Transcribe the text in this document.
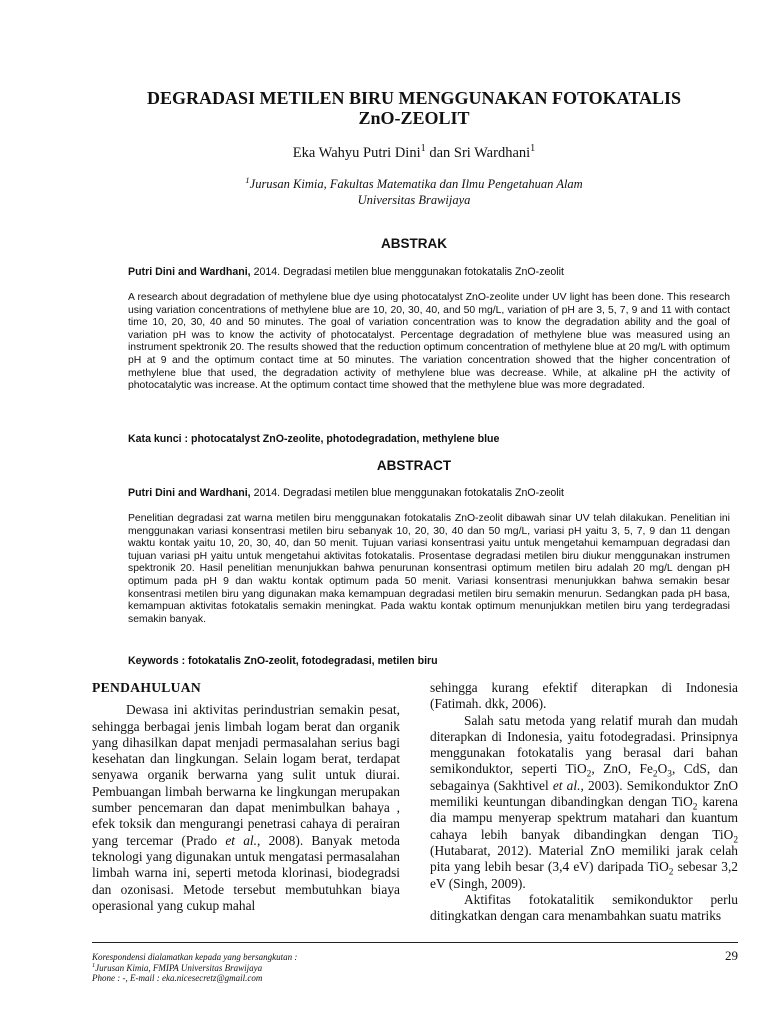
DEGRADASI METILEN BIRU MENGGUNAKAN FOTOKATALIS
ZnO-ZEOLIT
Eka Wahyu Putri Dini$^1$ dan Sri Wardhani$^1$
$^1$Jurusan Kimia, Fakultas Matematika dan Ilmu Pengetahuan Alam
Universitas Brawijaya
ABSTRAK
Putri Dini and Wardhani, 2014. Degradasi metilen blue menggunakan fotokatalis ZnO-zeolit
A research about degradation of methylene blue dye using photocatalyst ZnO-zeolite under UV light has been done. This research using variation concentrations of methylene blue are 10, 20, 30, 40, and 50 mg/L, variation of pH are 3, 5, 7, 9 and 11 with contact time 10, 20, 30, 40 and 50 minutes. The goal of variation concentration was to know the degradation ability and the goal of variation pH was to know the activity of photocatalyst. Percentage degradation of methylene blue was measured using an instrument spektronik 20. The results showed that the reduction optimum concentration of methylene blue at 20 mg/L with optimum pH at 9 and the optimum contact time at 50 minutes. The variation concentration showed that the higher concentration of methylene blue that used, the degradation activity of methylene blue was decrease. While, at alkaline pH the activity of photocatalytic was increase. At the optimum contact time showed that the methylene blue was more degradated.
Kata kunci : photocatalyst ZnO-zeolite, photodegradation, methylene blue
ABSTRACT
Putri Dini and Wardhani, 2014. Degradasi metilen blue menggunakan fotokatalis ZnO-zeolit
Penelitian degradasi zat warna metilen biru menggunakan fotokatalis ZnO-zeolit dibawah sinar UV telah dilakukan. Penelitian ini menggunakan variasi konsentrasi metilen biru sebanyak 10, 20, 30, 40 dan 50 mg/L, variasi pH yaitu 3, 5, 7, 9 dan 11 dengan waktu kontak yaitu 10, 20, 30, 40, dan 50 menit. Tujuan variasi konsentrasi yaitu untuk mengetahui kemampuan degradasi dan tujuan variasi pH yaitu untuk mengetahui aktivitas fotokatalis. Prosentase degradasi metilen biru diukur menggunakan instrumen spektronik 20. Hasil penelitian menunjukkan bahwa penurunan konsentrasi optimum metilen biru adalah 20 mg/L dengan pH optimum pada pH 9 dan waktu kontak optimum pada 50 menit. Variasi konsentrasi menunjukkan bahwa semakin besar konsentrasi metilen biru yang digunakan maka kemampuan degradasi metilen biru semakin menurun. Sedangkan pada pH basa, kemampuan aktivitas fotokatalis semakin meningkat. Pada waktu kontak optimum menunjukkan metilen biru yang terdegradasi semakin banyak.
Keywords : fotokatalis ZnO-zeolit, fotodegradasi, metilen biru
PENDAHULUAN

Dewasa ini aktivitas perindustrian semakin pesat, sehingga berbagai jenis limbah logam berat dan organik yang dihasilkan dapat menjadi permasalahan serius bagi kesehatan dan lingkungan. Selain logam berat, terdapat senyawa organik berwarna yang sulit untuk diurai. Pembuangan limbah berwarna ke lingkungan merupakan sumber pencemaran dan dapat menimbulkan bahaya , efek toksik dan mengurangi penetrasi cahaya di perairan yang tercemar (Prado et al., 2008). Banyak metoda teknologi yang digunakan untuk mengatasi permasalahan limbah warna ini, seperti metoda klorinasi, biodegradsi dan ozonisasi. Metode tersebut membutuhkan biaya operasional yang cukup mahal

sehingga kurang efektif diterapkan di Indonesia (Fatimah. dkk, 2006).

Salah satu metoda yang relatif murah dan mudah diterapkan di Indonesia, yaitu fotodegradasi. Prinsipnya menggunakan fotokatalis yang berasal dari bahan semikonduktor, seperti TiO$_2$, ZnO, $Fe_2O_3$, CdS, dan sebagainya (Sakhtivel et al., 2003). Semikonduktor ZnO memiliki keuntungan dibandingkan dengan TiO$_2$ karena dia mampu menyerap spektrum matahari dan kuantum cahaya lebih banyak dibandingkan dengan TiO$_2$ (Hutabarat, 2012). Material ZnO memiliki jarak celah pita yang lebih besar (3,4 eV) daripada TiO$_2$ sebesar 3,2 eV (Singh, 2009).

Aktifitas fotokatalitik semikonduktor perlu ditingkatkan dengan cara menambahkan suatu matriks

Korespondensi dialamatkan kepada yang bersangkutan :
$^1$Jurusan Kimia, FMIPA Universitas Brawijaya
Phone : -, E-mail : eka.nicesecretz@gmail.com
29
